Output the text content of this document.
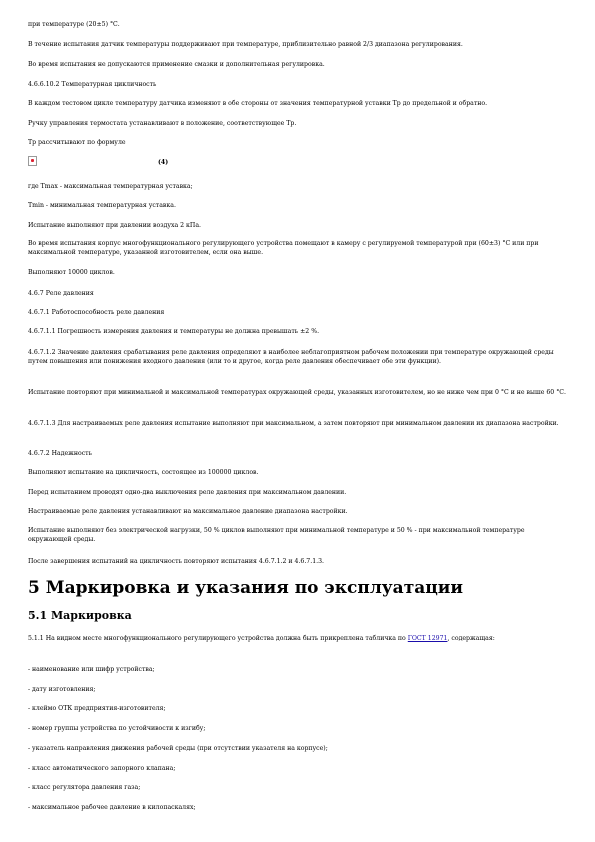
при температуре (20±5) °С.

В течение испытания датчик температуры поддерживают при температуре, приблизительно равной 2/3 диапазона регулирования.

Во время испытания не допускаются применение смазки и дополнительная регулировка.

4.6.6.10.2 Температурная цикличность

В каждом тестовом цикле температуру датчика изменяют в обе стороны от значения температурной уставки Tр до предельной и обратно.

Ручку управления термостата устанавливают в положение, соответствующее Tр.

Tр рассчитывают по формуле

(4)

где Tmax - максимальная температурная уставка;

Tmin - минимальная температурная уставка.

Испытание выполняют при давлении воздуха 2 кПа.

Во время испытания корпус многофункционального регулирующего устройства помещают в камеру с регулируемой температурой при (60±3) °С или при максимальной температуре, указанной изготовителем, если она выше.

Выполняют 10000 циклов.

4.6.7 Реле давления

4.6.7.1 Работоспособность реле давления

4.6.7.1.1 Погрешность измерения давления и температуры не должна превышать ±2 %.

4.6.7.1.2 Значение давления срабатывания реле давления определяют в наиболее неблагоприятном рабочем положении при температуре окружающей среды путем повышения или понижения входного давления (или то и другое, когда реле давления обеспечивает обе эти функции).

Испытание повторяют при минимальной и максимальной температурах окружающей среды, указанных изготовителем, но не ниже чем при 0 °С и не выше 60 °С.

4.6.7.1.3 Для настраиваемых реле давления испытание выполняют при максимальном, а затем повторяют при минимальном давлении их диапазона настройки.

4.6.7.2 Надежность

Выполняют испытание на цикличность, состоящее из 100000 циклов.

Перед испытанием проводят одно-два выключения реле давления при максимальном давлении.

Настраиваемые реле давления устанавливают на максимальное давление диапазона настройки.

Испытание выполняют без электрической нагрузки, 50 % циклов выполняют при минимальной температуре и 50 % - при максимальной температуре окружающей среды.

После завершения испытаний на цикличность повторяют испытания 4.6.7.1.2 и 4.6.7.1.3.

5 Маркировка и указания по эксплуатации
5.1 Маркировка

5.1.1 На видном месте многофункционального регулирующего устройства должна быть прикреплена табличка по ГОСТ 12971, содержащая:

- наименование или шифр устройства;

- дату изготовления;

- клеймо ОТК предприятия-изготовителя;

- номер группы устройства по устойчивости к изгибу;

- указатель направления движения рабочей среды (при отсутствии указателя на корпусе);

- класс автоматического запорного клапана;

- класс регулятора давления газа;

- максимальное рабочее давление в килопаскалях;
